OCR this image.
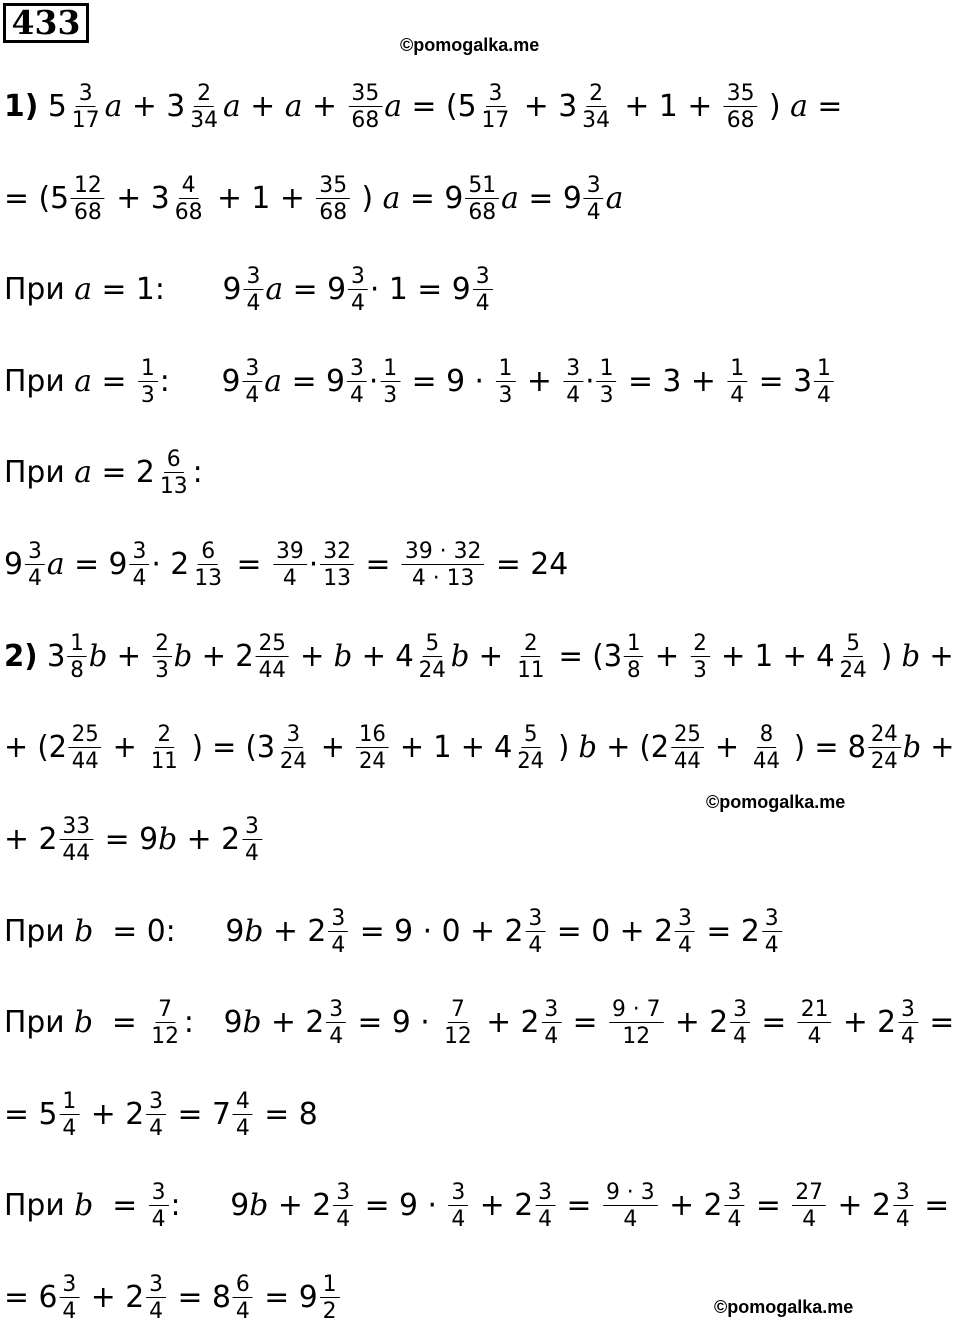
433
©pomogalka.me
©pomogalka.me
©pomogalka.me
1) $5 \frac{3}{17}$ $a + 3 \frac{2}{34}$ $a + a + \frac{35}{68}$ $a = (5 \frac{3}{17} + 3 \frac{2}{34} + 1 + \frac{35}{68}$ ) a =
= ($5 \frac{12}{68} + 3 \frac{4}{68} + 1 + \frac{35}{68}$ ) $a = 9 \frac{51}{68}$ $a = 9 \frac{3}{4}$ a
При a = 1: $9 \frac{3}{4}$ $a = 9 \frac{3}{4} \cdot 1 = 9 \frac{3}{4}$
При $a = \frac{1}{3}$ : $9 \frac{3}{4}$ $a = 9 \frac{3}{4} \cdot \frac{1}{3} = 9 \cdot \frac{1}{3} + \frac{3}{4} \cdot \frac{1}{3} = 3 + \frac{1}{4} = 3 \frac{1}{4}$
При $a = 2 \frac{6}{13}$ :
$9 \frac{3}{4}$ $a = 9 \frac{3}{4} \cdot 2 \frac{6}{13} = \frac{39}{4} \cdot \frac{32}{13} = \frac{39 \cdot 32}{4 \cdot 13} = 24$
2) $3 \frac{1}{8}$ $b + \frac{2}{3}$ $b + 2 \frac{25}{44} + b + 4 \frac{5}{24}$ $b + \frac{2}{11} = (3 \frac{1}{8} + \frac{2}{3} + 1 + 4 \frac{5}{24}$ ) b +
+ ($2 \frac{25}{44} + \frac{2}{11}$ ) = ($3 \frac{3}{24} + \frac{16}{24} + 1 + 4 \frac{5}{24}$ ) $b + (2 \frac{25}{44} + \frac{8}{44}$ ) = $8 \frac{24}{24}$ b +
+ $2 \frac{33}{44} = 9$ $b + 2 \frac{3}{4}$
При b = 0: 9 $b + 2 \frac{3}{4} = 9 \cdot 0 + 2 \frac{3}{4} = 0 + 2 \frac{3}{4} = 2 \frac{3}{4}$
При $b = \frac{7}{12}$ : 9 $b + 2 \frac{3}{4} = 9 \cdot \frac{7}{12} + 2 \frac{3}{4} = \frac{9 \cdot 7}{12} + 2 \frac{3}{4} = \frac{21}{4} + 2 \frac{3}{4}$ =
= $5 \frac{1}{4} + 2 \frac{3}{4} = 7 \frac{4}{4} = 8$
При $b = \frac{3}{4}$ : 9 $b + 2 \frac{3}{4} = 9 \cdot \frac{3}{4} + 2 \frac{3}{4} = \frac{9 \cdot 3}{4} + 2 \frac{3}{4} = \frac{27}{4} + 2 \frac{3}{4}$ =
= $6 \frac{3}{4} + 2 \frac{3}{4} = 8 \frac{6}{4} = 9 \frac{1}{2}$
